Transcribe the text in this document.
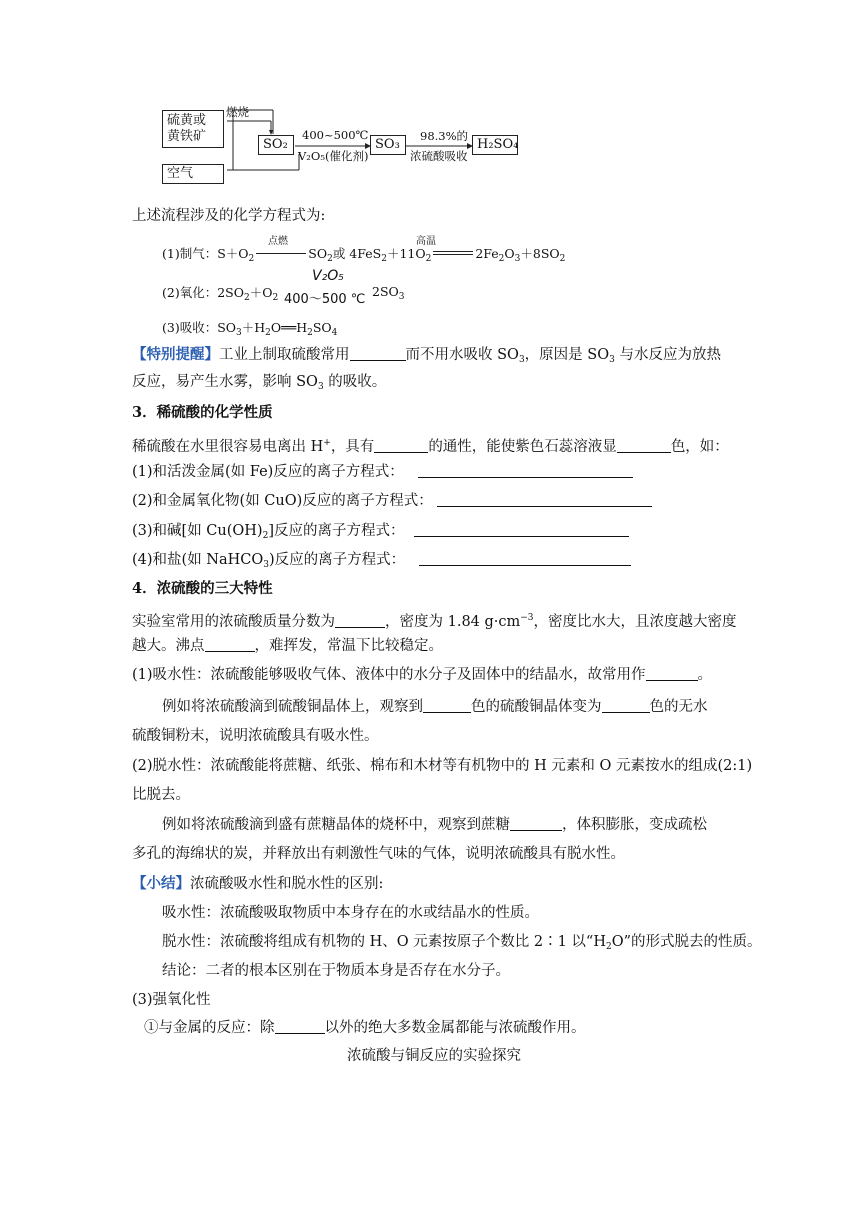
硫黄或
黄铁矿
空气
燃烧
SO₂
400~500℃
V₂O₅(催化剂)
SO₃
98.3%的
浓硫酸吸收
H₂SO₄
上述流程涉及的化学方程式为:
(1)制气：$S+O_2$	$SO_2$或 $4FeS_2+11O_2$	$2Fe_2O_3+8SO_2$
点燃	高温
V₂O₅
400～500 ℃
(2)氧化：$2SO_2+O_2$	$2SO_3$
(3)吸收：$SO_3+H_2O══H_2SO_4$
【特别提醒】工业上制取硫酸常用	而不用水吸收 $SO_3$，原因是 $SO_3$ 与水反应为放热
反应，易产生水雾，影响 $SO_3$ 的吸收。
3．稀硫酸的化学性质
稀硫酸在水里很容易电离出 H+，具有	的通性，能使紫色石蕊溶液显	色，如：
(1)和活泼金属(如 Fe)反应的离子方程式：
(2)和金属氧化物(如 CuO)反应的离子方程式：
(3)和碱[如 $Cu(OH)_2$]反应的离子方程式：
(4)和盐(如 NaHCO$_3$)反应的离子方程式：
4．浓硫酸的三大特性
实验室常用的浓硫酸质量分数为	，密度为 1.84 $g\cdot cm^{-3}$，密度比水大，且浓度越大密度
越大。沸点	，难挥发，常温下比较稳定。
(1)吸水性：浓硫酸能够吸收气体、液体中的水分子及固体中的结晶水，故常用作	。
例如将浓硫酸滴到硫酸铜晶体上，观察到	色的硫酸铜晶体变为	色的无水
硫酸铜粉末，说明浓硫酸具有吸水性。
(2)脱水性：浓硫酸能将蔗糖、纸张、棉布和木材等有机物中的 H 元素和 O 元素按水的组成(2:1)
比脱去。
例如将浓硫酸滴到盛有蔗糖晶体的烧杯中，观察到蔗糖	，体积膨胀，变成疏松
多孔的海绵状的炭，并释放出有刺激性气味的气体，说明浓硫酸具有脱水性。
【小结】浓硫酸吸水性和脱水性的区别:
吸水性：浓硫酸吸取物质中本身存在的水或结晶水的性质。
脱水性：浓硫酸将组成有机物的 H、O 元素按原子个数比 2∶1 以“$H_2O$”的形式脱去的性质。
结论：二者的根本区别在于物质本身是否存在水分子。
(3)强氧化性
①与金属的反应：除	以外的绝大多数金属都能与浓硫酸作用。
浓硫酸与铜反应的实验探究
